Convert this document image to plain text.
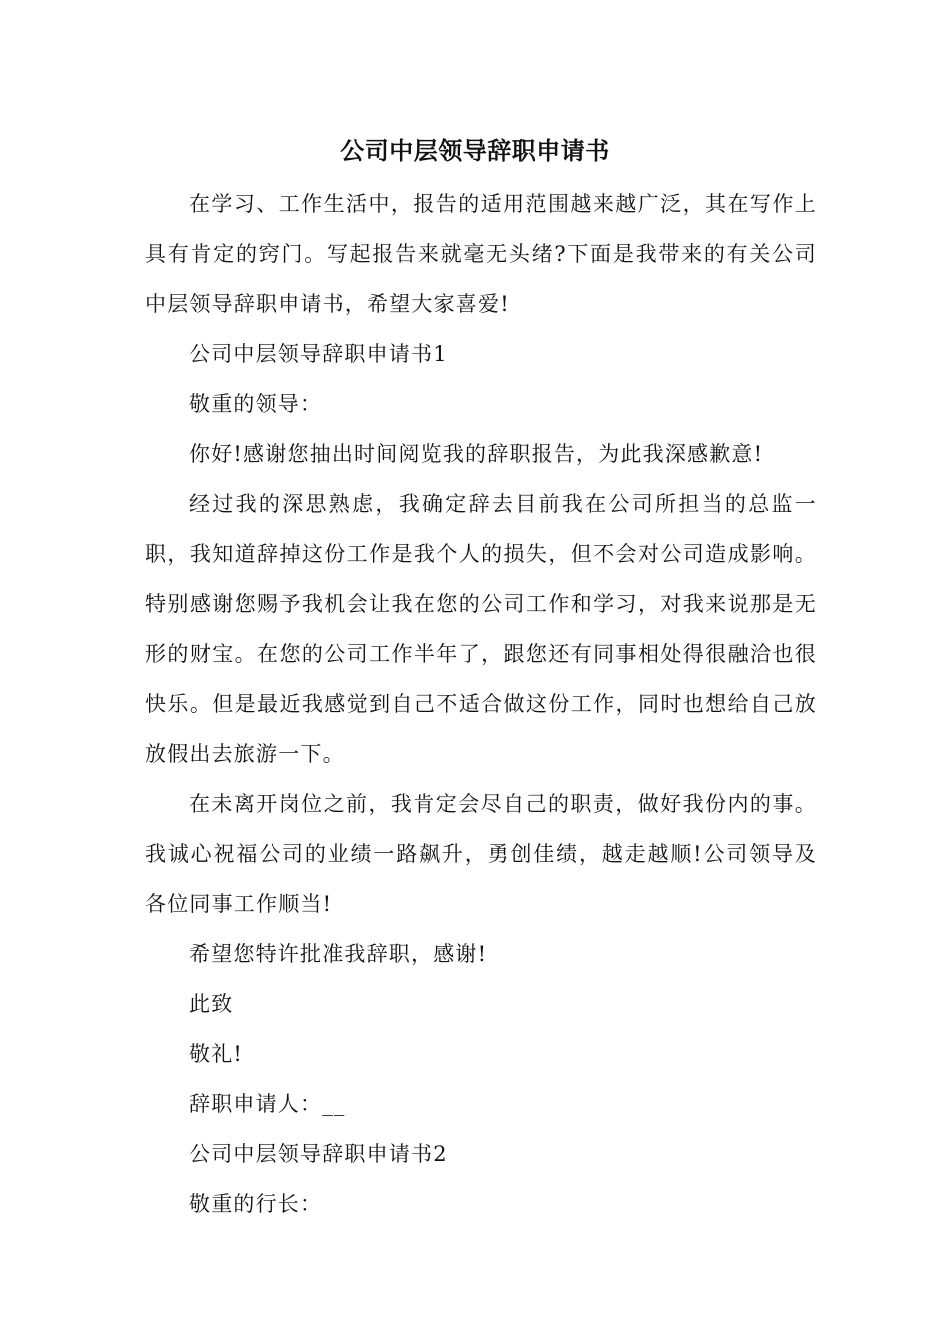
公司中层领导辞职申请书

在学习、工作生活中，报告的适用范围越来越广泛，其在写作上具有肯定的窍门。写起报告来就毫无头绪?下面是我带来的有关公司中层领导辞职申请书，希望大家喜爱!

公司中层领导辞职申请书1

敬重的领导：

你好!感谢您抽出时间阅览我的辞职报告，为此我深感歉意!

经过我的深思熟虑，我确定辞去目前我在公司所担当的总监一职，我知道辞掉这份工作是我个人的损失，但不会对公司造成影响。特别感谢您赐予我机会让我在您的公司工作和学习，对我来说那是无形的财宝。在您的公司工作半年了，跟您还有同事相处得很融洽也很快乐。但是最近我感觉到自己不适合做这份工作，同时也想给自己放放假出去旅游一下。

在未离开岗位之前，我肯定会尽自己的职责，做好我份内的事。我诚心祝福公司的业绩一路飙升，勇创佳绩，越走越顺!公司领导及各位同事工作顺当!

希望您特许批准我辞职，感谢!

此致

敬礼!

辞职申请人：__

公司中层领导辞职申请书2

敬重的行长：
